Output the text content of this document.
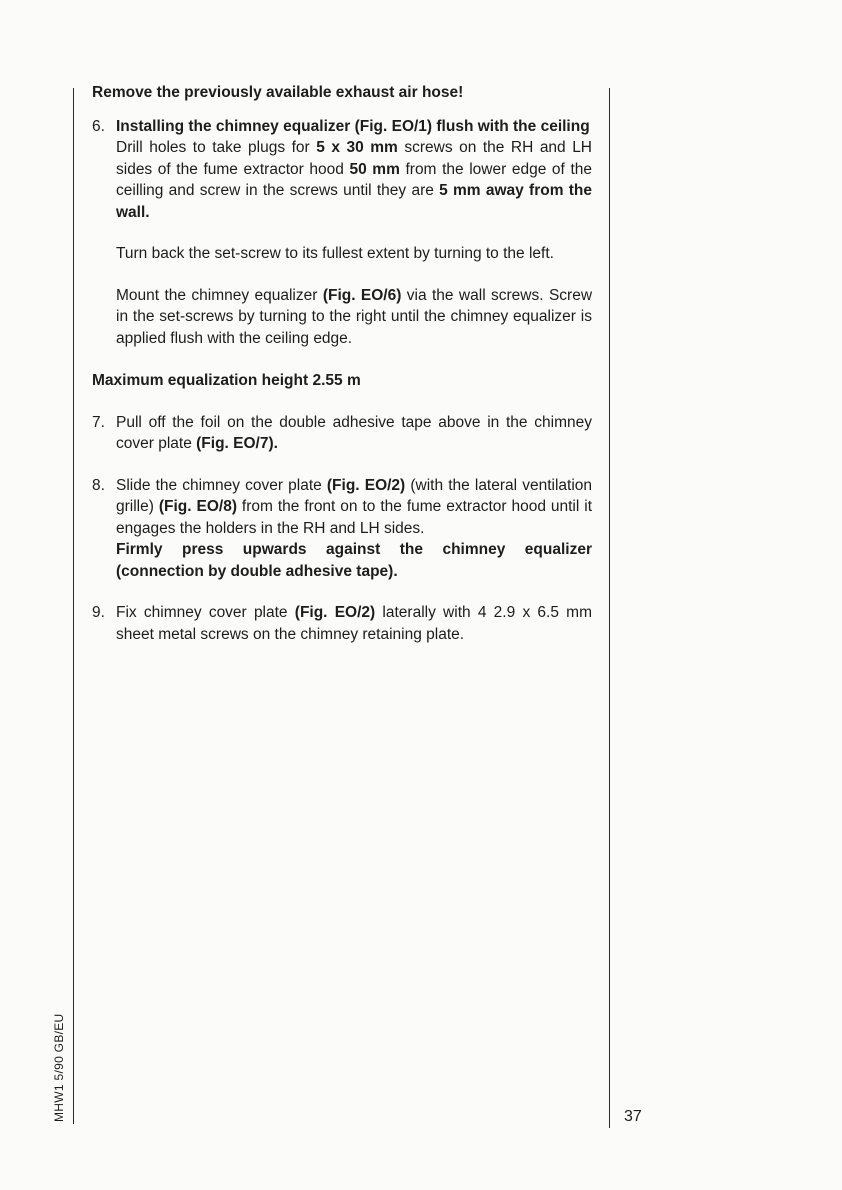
Remove the previously available exhaust air hose!

6. Installing the chimney equalizer (Fig. EO/1) flush with the ceiling

Drill holes to take plugs for 5 x 30 mm screws on the RH and LH sides of the fume extractor hood 50 mm from the lower edge of the ceilling and screw in the screws until they are 5 mm away from the wall.

Turn back the set-screw to its fullest extent by turning to the left.

Mount the chimney equalizer (Fig. EO/6) via the wall screws. Screw in the set-screws by turning to the right until the chimney equalizer is applied flush with the ceiling edge.

Maximum equalization height 2.55 m

7. Pull off the foil on the double adhesive tape above in the chimney cover plate (Fig. EO/7).
8. Slide the chimney cover plate (Fig. EO/2) (with the lateral ventilation grille) (Fig. EO/8) from the front on to the fume extractor hood until it engages the holders in the RH and LH sides.

Firmly press upwards against the chimney equalizer (connection by double adhesive tape).

9. Fix chimney cover plate (Fig. EO/2) laterally with 4 2.9 x 6.5 mm sheet metal screws on the chimney retaining plate.
MHW1 5/90 GB/EU	37
